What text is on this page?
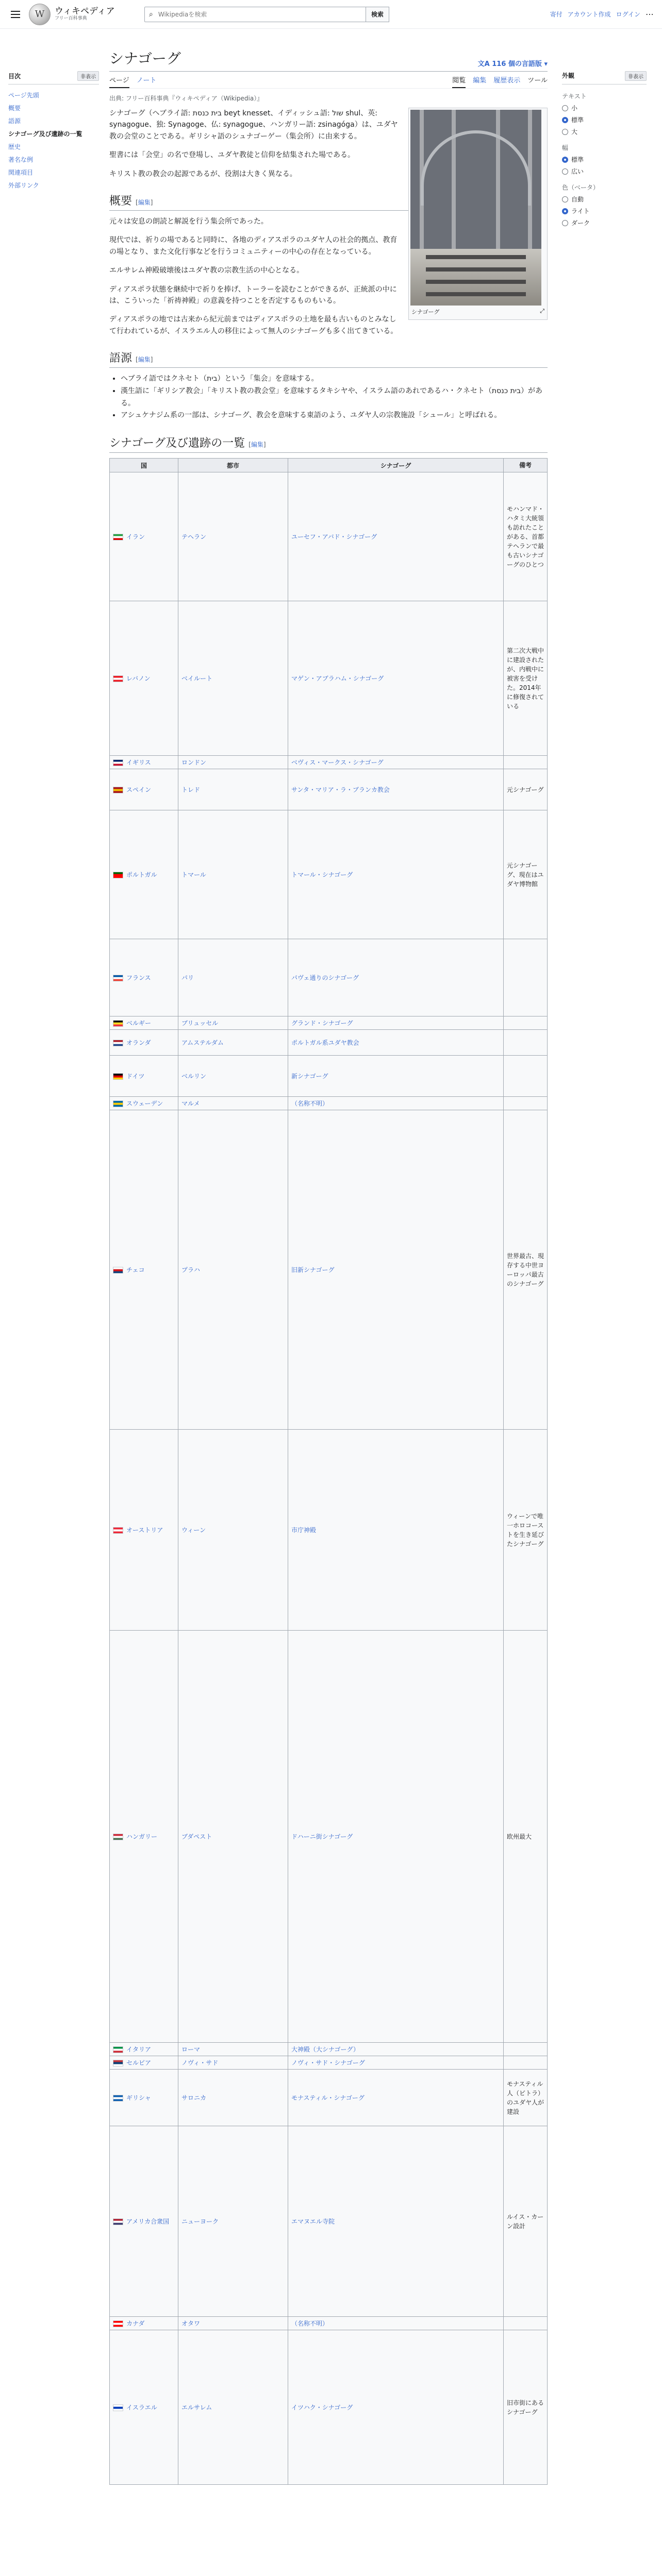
W	ウィキペディア
フリー百科事典
⌕
Wikipediaを検索	検索	寄付 アカウント作成 ログイン ⋯
目次	非表示
ページ先頭
概要
語源
シナゴーグ及び遺跡の一覧
歴史
著名な例
関連項目
外部リンク
シナゴーグ	文A 116 個の言語版 ▾
ページ ノート	閲覧 編集 履歴表示 ツール
出典: フリー百科事典『ウィキペディア（Wikipedia）』
シナゴーグ	⤢

シナゴーグ（ヘブライ語: בית כנסת beyt knesset、イディッシュ語: שול shul、英: synagogue、独: Synagoge、仏: synagogue、ハンガリー語: zsinagóga）は、ユダヤ教の会堂のことである。ギリシャ語のシュナゴーゲー（集会所）に由来する。

聖書には「会堂」の名で登場し、ユダヤ教徒と信仰を結集された場である。

キリスト教の教会の起源であるが、役割は大きく異なる。

概要 [編集]

元々は安息の朗読と解説を行う集会所であった。

現代では、祈りの場であると同時に、各地のディアスポラのユダヤ人の社会的拠点、教育の場となり、また文化行事などを行うコミュニティーの中心の存在となっている。

エルサレム神殿破壊後はユダヤ教の宗教生活の中心となる。

ディアスポラ状態を継続中で祈りを捧げ、トーラーを読むことができるが、正統派の中には、こういった「祈祷神殿」の意義を持つことを否定するものもいる。

ディアスポラの地では古来から紀元前まではディアスポラの土地を最も古いものとみなして行われているが、イスラエル人の移住によって無人のシナゴーグも多く出てきている。

語源 [編集]
• ヘブライ語ではクネセト（בית）という「集会」を意味する。
• 漢生語に「ギリシア教会」「キリスト教の教会堂」を意味するタキシヤや、イスラム語のあれであるハ・クネセト（בית כנסת）がある。
• アシュケナジム系の一部は、シナゴーグ、教会を意味する東語のよう、ユダヤ人の宗教施設「シュール」と呼ばれる。
シナゴーグ及び遺跡の一覧 [編集]
国	都市	シナゴーグ	備考
イラン	テヘラン	ユーセフ・アバド・シナゴーグ	モハンマド・ハタミ大統領も訪れたことがある、首都テヘランで最も古いシナゴーグのひとつ
レバノン	ベイルート	マゲン・アブラハム・シナゴーグ	第二次大戦中に建設されたが、内戦中に被害を受けた。2014年に修復されている
イギリス	ロンドン	ベヴィス・マークス・シナゴーグ	
スペイン	トレド	サンタ・マリア・ラ・ブランカ教会	元シナゴーグ
ポルトガル	トマール	トマール・シナゴーグ	元シナゴーグ、現在はユダヤ博物館
フランス	パリ	パヴェ通りのシナゴーグ	
ベルギー	ブリュッセル	グランド・シナゴーグ	
オランダ	アムステルダム	ポルトガル系ユダヤ教会	
ドイツ	ベルリン	新シナゴーグ	
スウェーデン	マルメ	（名称不明）	
チェコ	プラハ	旧新シナゴーグ	世界最古、現存する中世ヨーロッパ最古のシナゴーグ
オーストリア	ウィーン	市庁神殿	ウィーンで唯一ホロコーストを生き延びたシナゴーグ
ハンガリー	ブダペスト	ドハーニ街シナゴーグ	欧州最大
イタリア	ローマ	大神殿（大シナゴーグ）	
セルビア	ノヴィ・サド	ノヴィ・サド・シナゴーグ	
ギリシャ	サロニカ	モナスティル・シナゴーグ	モナスティル人（ビトラ）のユダヤ人が建設
アメリカ合衆国	ニューヨーク	エマヌエル寺院	ルイス・カーン設計
カナダ	オタワ	（名称不明）	
イスラエル	エルサレム	イツハク・シナゴーグ	旧市街にあるシナゴーグ
外観	非表示
テキスト
小
標準
大
幅
標準
広い
色（ベータ）
自動
ライト
ダーク
